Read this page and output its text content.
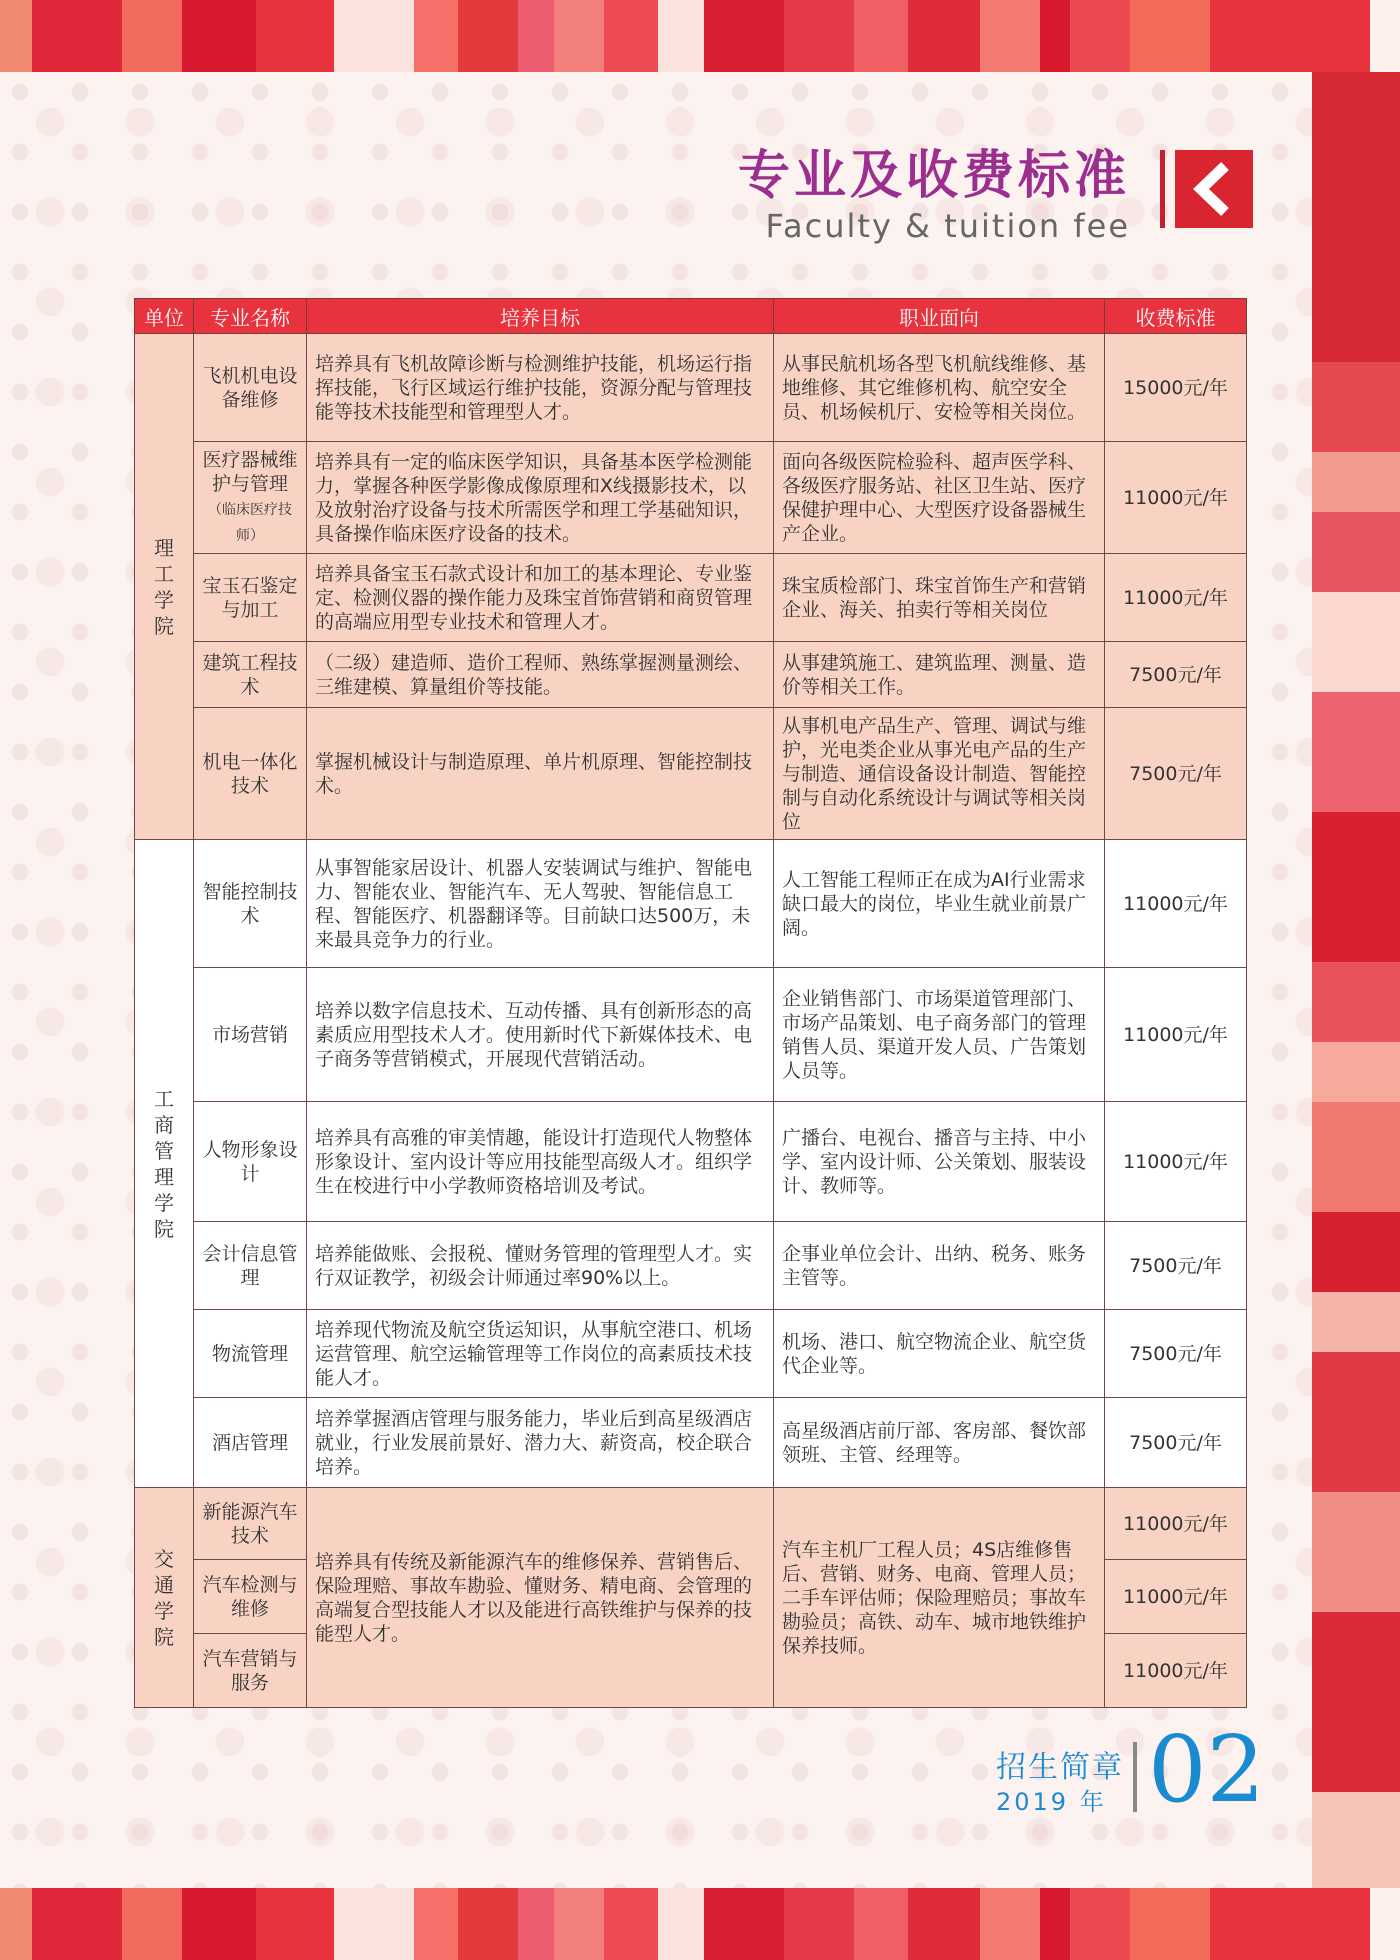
专业及收费标准
Faculty & tuition fee
单位	专业名称	培养目标	职业面向	收费标准

理工学院	飞机机电设备维修	培养具有飞机故障诊断与检测维护技能，机场运行指挥技能，飞行区域运行维护技能，资源分配与管理技能等技术技能型和管理型人才。	从事民航机场各型飞机航线维修、基地维修、其它维修机构、航空安全员、机场候机厅、安检等相关岗位。	15000元/年
	医疗器械维护与管理（临床医疗技师）	培养具有一定的临床医学知识，具备基本医学检测能力，掌握各种医学影像成像原理和X线摄影技术，以及放射治疗设备与技术所需医学和理工学基础知识，具备操作临床医疗设备的技术。	面向各级医院检验科、超声医学科、各级医疗服务站、社区卫生站、医疗保健护理中心、大型医疗设备器械生产企业。	11000元/年
	宝玉石鉴定与加工	培养具备宝玉石款式设计和加工的基本理论、专业鉴定、检测仪器的操作能力及珠宝首饰营销和商贸管理的高端应用型专业技术和管理人才。	珠宝质检部门、珠宝首饰生产和营销企业、海关、拍卖行等相关岗位	11000元/年
	建筑工程技术	（二级）建造师、造价工程师、熟练掌握测量测绘、三维建模、算量组价等技能。	从事建筑施工、建筑监理、测量、造价等相关工作。	7500元/年
	机电一体化技术	掌握机械设计与制造原理、单片机原理、智能控制技术。	从事机电产品生产、管理、调试与维护，光电类企业从事光电产品的生产与制造、通信设备设计制造、智能控制与自动化系统设计与调试等相关岗位	7500元/年

工商管理学院	智能控制技术	从事智能家居设计、机器人安装调试与维护、智能电力、智能农业、智能汽车、无人驾驶、智能信息工程、智能医疗、机器翻译等。目前缺口达500万，未来最具竞争力的行业。	人工智能工程师正在成为AI行业需求缺口最大的岗位，毕业生就业前景广阔。	11000元/年
	市场营销	培养以数字信息技术、互动传播、具有创新形态的高素质应用型技术人才。使用新时代下新媒体技术、电子商务等营销模式，开展现代营销活动。	企业销售部门、市场渠道管理部门、市场产品策划、电子商务部门的管理销售人员、渠道开发人员、广告策划人员等。	11000元/年
	人物形象设计	培养具有高雅的审美情趣，能设计打造现代人物整体形象设计、室内设计等应用技能型高级人才。组织学生在校进行中小学教师资格培训及考试。	广播台、电视台、播音与主持、中小学、室内设计师、公关策划、服装设计、教师等。	11000元/年
	会计信息管理	培养能做账、会报税、懂财务管理的管理型人才。实行双证教学，初级会计师通过率90%以上。	企事业单位会计、出纳、税务、账务主管等。	7500元/年
	物流管理	培养现代物流及航空货运知识，从事航空港口、机场运营管理、航空运输管理等工作岗位的高素质技术技能人才。	机场、港口、航空物流企业、航空货代企业等。	7500元/年
	酒店管理	培养掌握酒店管理与服务能力，毕业后到高星级酒店就业，行业发展前景好、潜力大、薪资高，校企联合培养。	高星级酒店前厅部、客房部、餐饮部领班、主管、经理等。	7500元/年

交通学院	新能源汽车技术	培养具有传统及新能源汽车的维修保养、营销售后、保险理赔、事故车勘验、懂财务、精电商、会管理的高端复合型技能人才以及能进行高铁维护与保养的技能型人才。	汽车主机厂工程人员；4S店维修售后、营销、财务、电商、管理人员；二手车评估师；保险理赔员；事故车勘验员；高铁、动车、城市地铁维护保养技师。	11000元/年
	汽车检测与维修			11000元/年
	汽车营销与服务			11000元/年
招生简章
2019 年 02
